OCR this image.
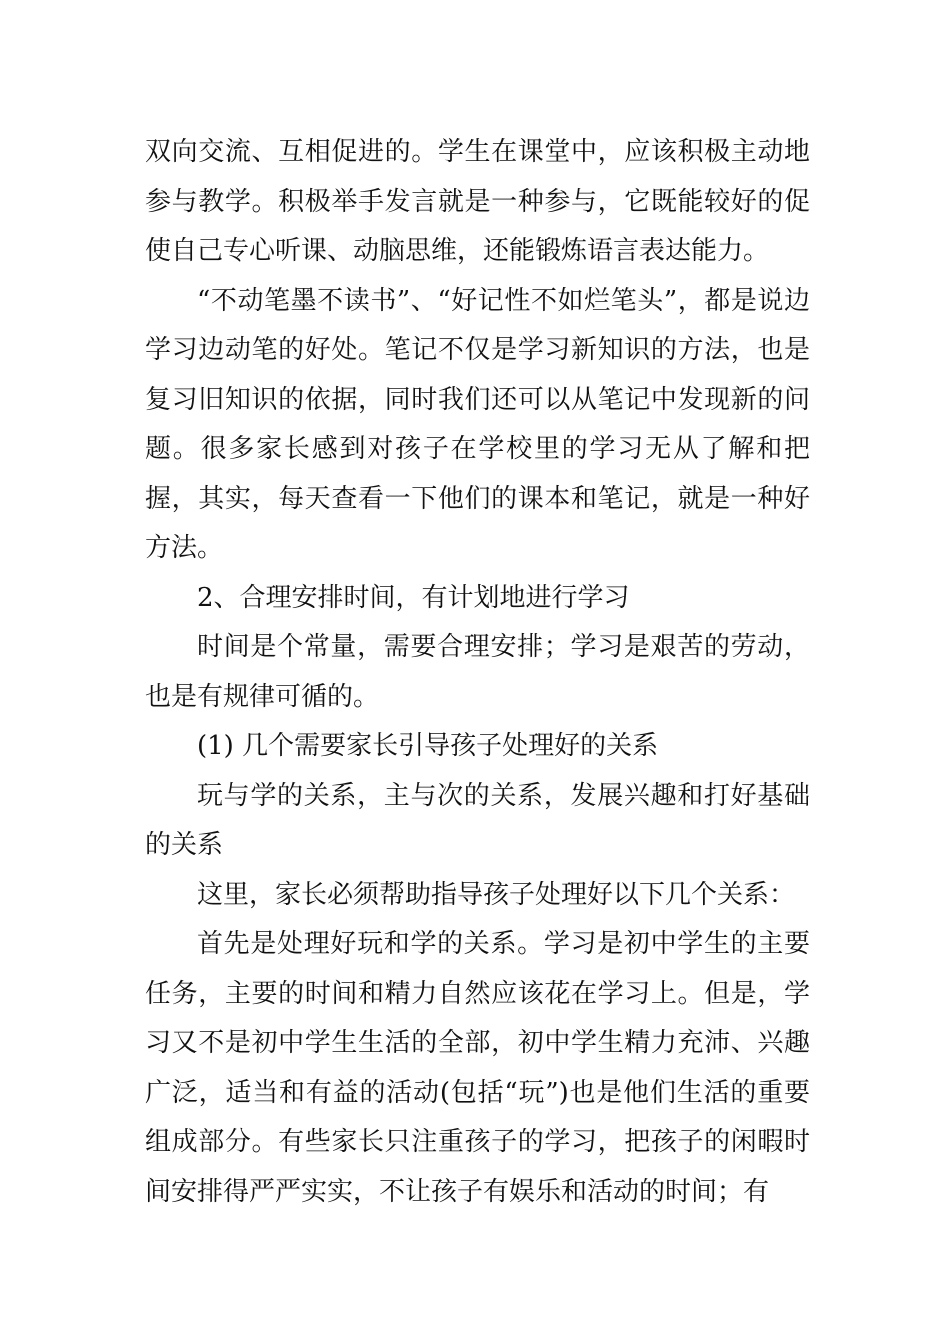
双向交流、互相促进的。学生在课堂中，应该积极主动地参与教学。积极举手发言就是一种参与，它既能较好的促使自己专心听课、动脑思维，还能锻炼语言表达能力。

“不动笔墨不读书”、“好记性不如烂笔头”，都是说边学习边动笔的好处。笔记不仅是学习新知识的方法，也是复习旧知识的依据，同时我们还可以从笔记中发现新的问题。很多家长感到对孩子在学校里的学习无从了解和把握，其实，每天查看一下他们的课本和笔记，就是一种好方法。

2、合理安排时间，有计划地进行学习

时间是个常量，需要合理安排；学习是艰苦的劳动，也是有规律可循的。

(1) 几个需要家长引导孩子处理好的关系

玩与学的关系，主与次的关系，发展兴趣和打好基础的关系

这里，家长必须帮助指导孩子处理好以下几个关系：

首先是处理好玩和学的关系。学习是初中学生的主要任务，主要的时间和精力自然应该花在学习上。但是，学习又不是初中学生生活的全部，初中学生精力充沛、兴趣广泛，适当和有益的活动(包括“玩”)也是他们生活的重要组成部分。有些家长只注重孩子的学习，把孩子的闲暇时间安排得严严实实，不让孩子有娱乐和活动的时间；有
